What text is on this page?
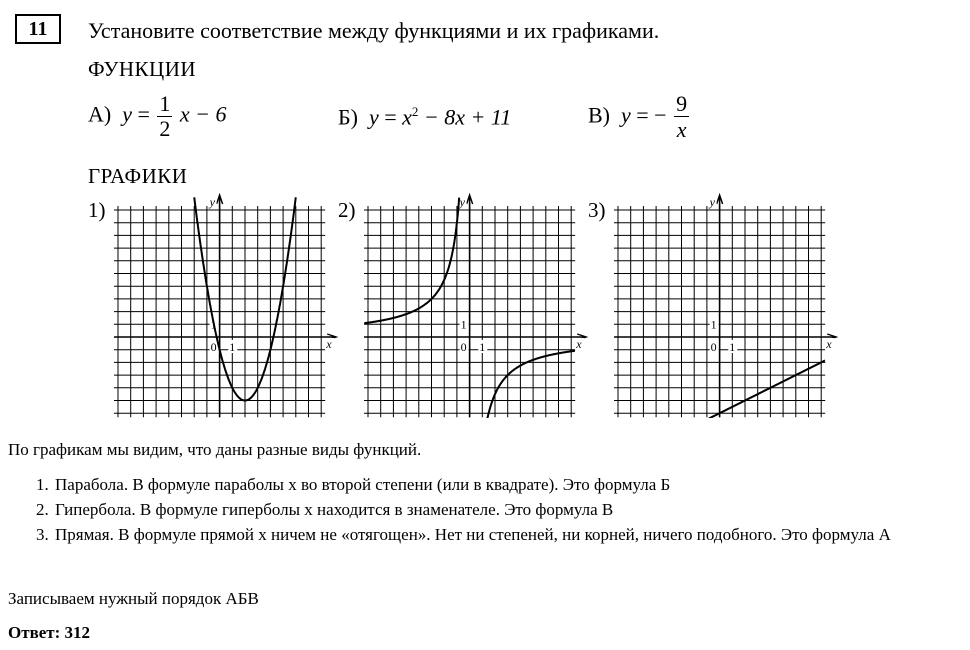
11	Установите соответствие между функциями и их графиками.
ФУНКЦИИ
А) $y = \frac{1}{2}$ x − 6	Б) $y = x^2 - 8x + 11$	В) y = − $\frac{9}{x}$
ГРАФИКИ
1)	2)	3)
y
x
1
0 1
y
x
1
0 1
y
x
1
0 1
По графикам мы видим, что даны разные виды функций.
1. Парабола. В формуле параболы х во второй степени (или в квадрате). Это формула Б
2. Гипербола. В формуле гиперболы х находится в знаменателе. Это формула В
3. Прямая. В формуле прямой х ничем не «отягощен». Нет ни степеней, ни корней, ничего подобного. Это формула А
Записываем нужный порядок АБВ
Ответ: 312
